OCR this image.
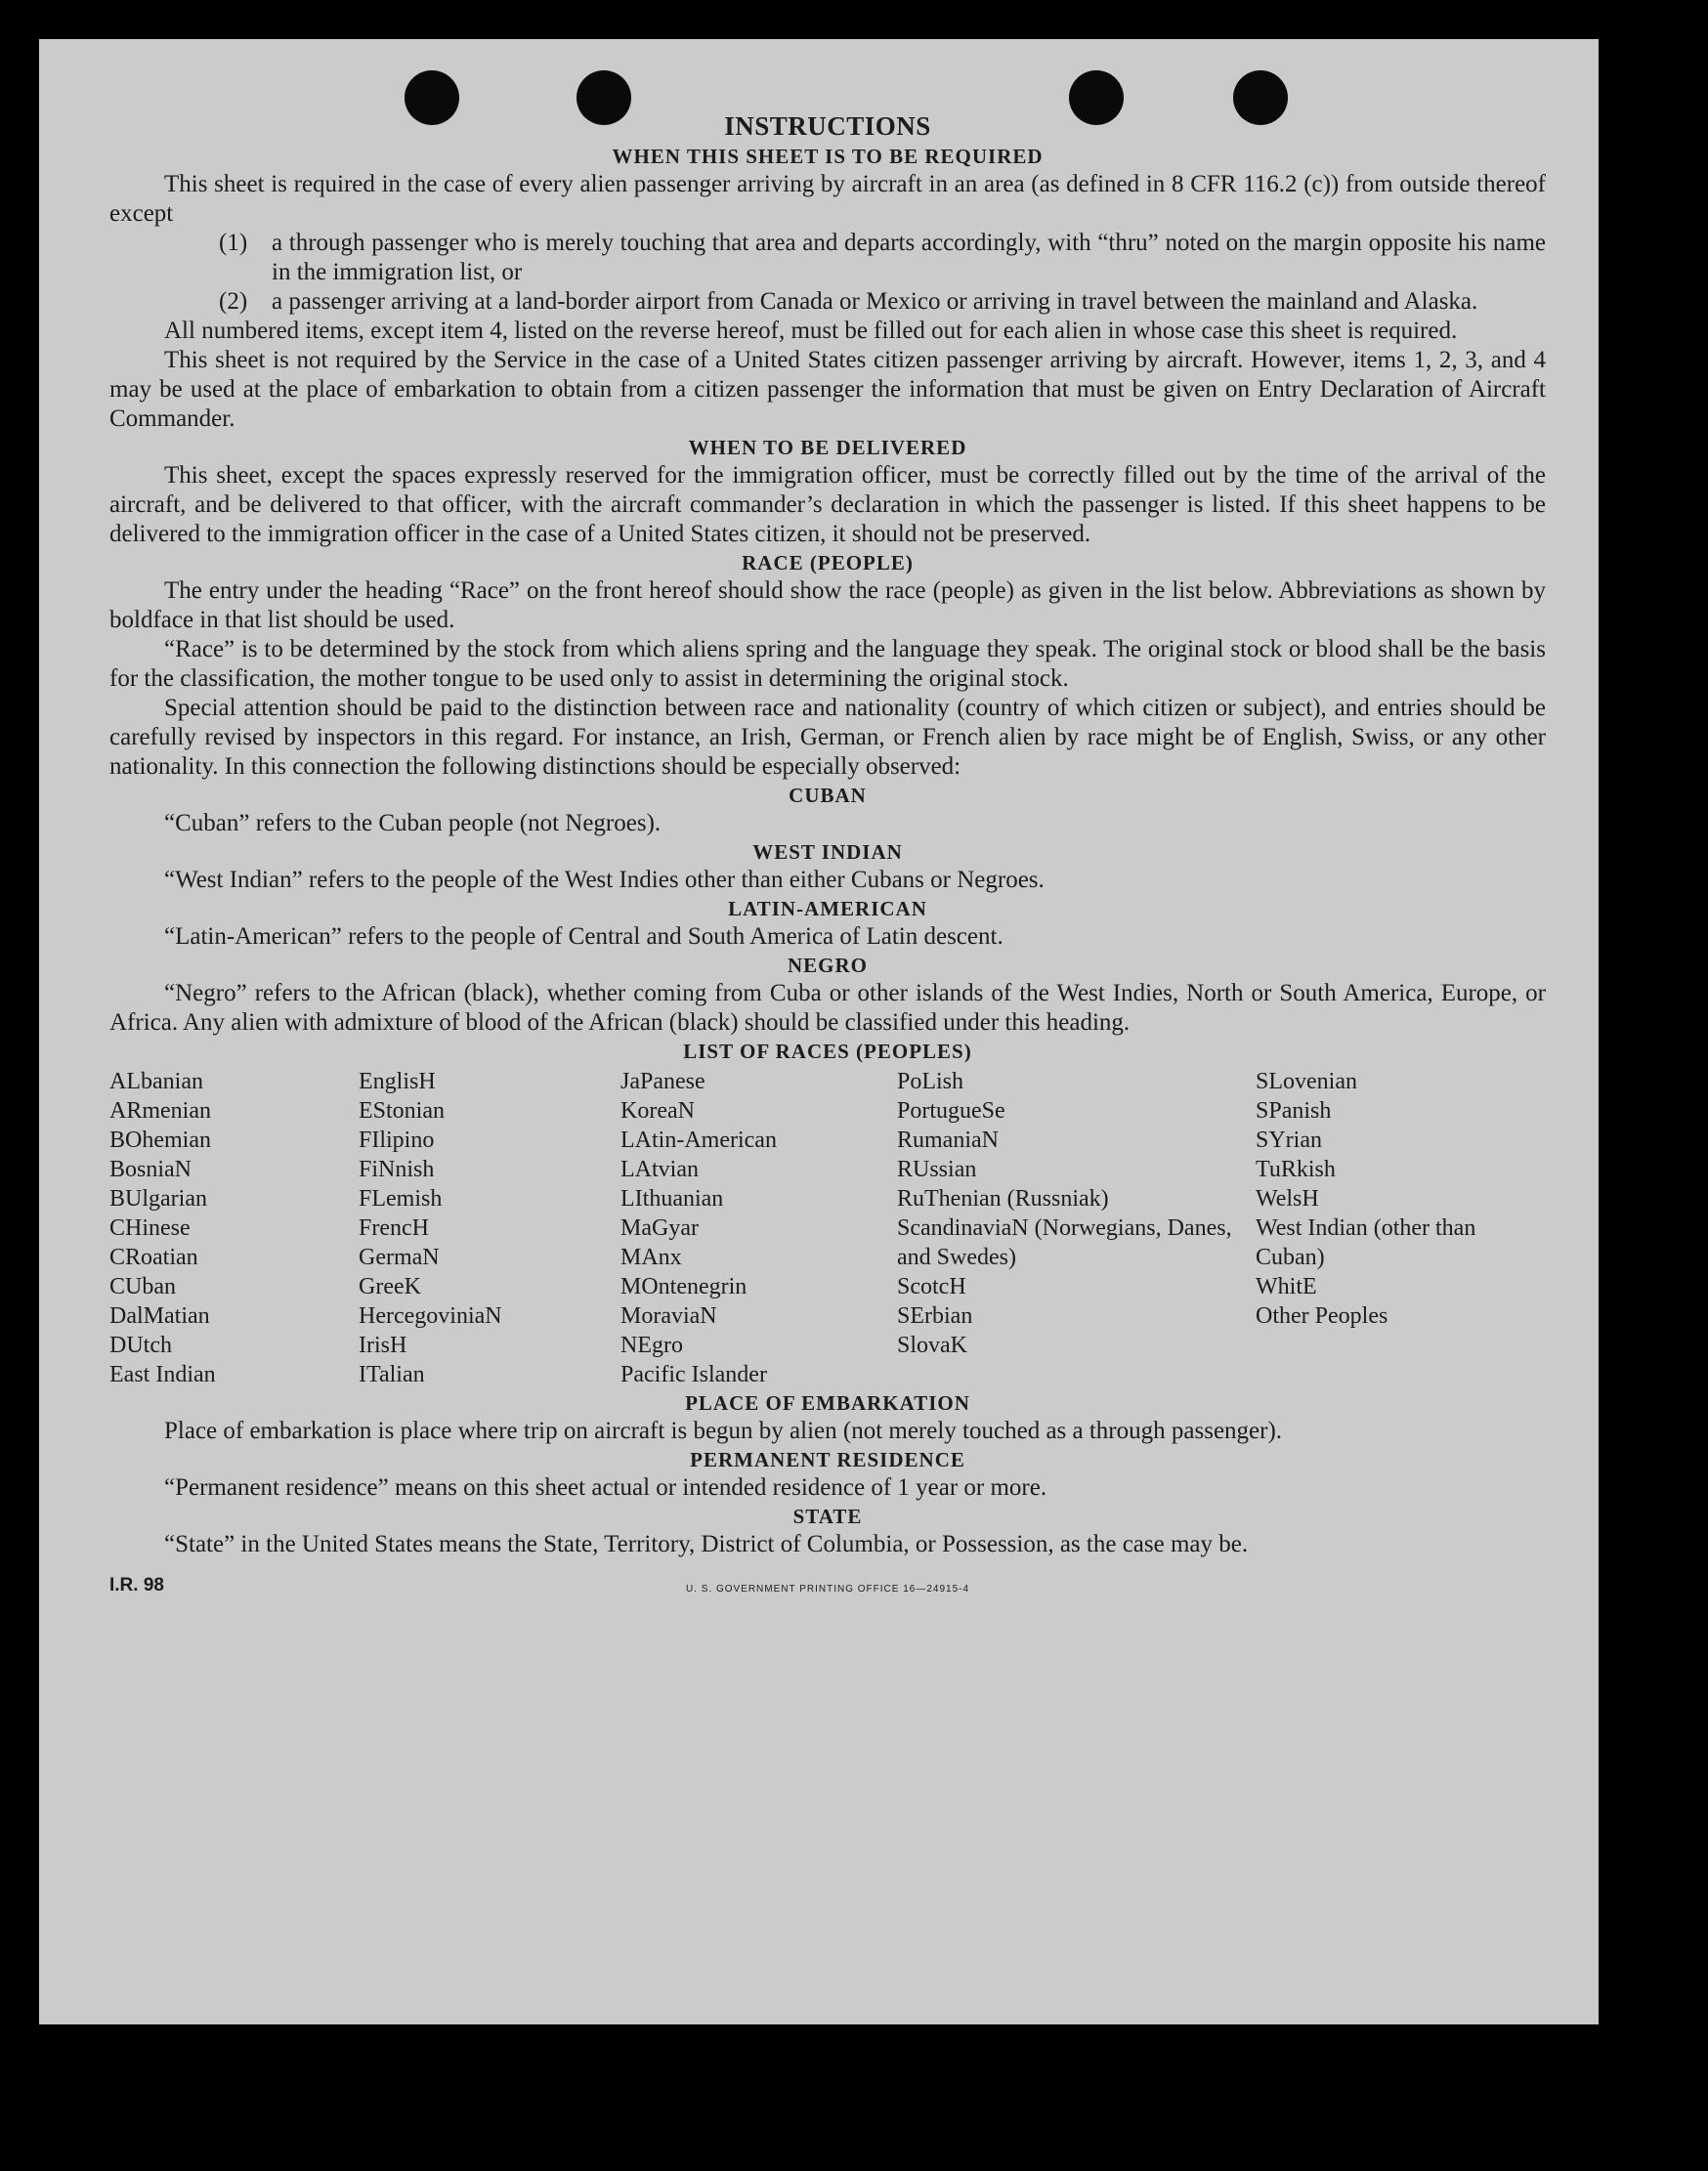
INSTRUCTIONS
WHEN THIS SHEET IS TO BE REQUIRED

This sheet is required in the case of every alien passenger arriving by aircraft in an area (as defined in 8 CFR 116.2 (c)) from outside thereof except

(1) a through passenger who is merely touching that area and departs accordingly, with “thru” noted on the margin opposite his name in the immigration list, or
(2) a passenger arriving at a land-border airport from Canada or Mexico or arriving in travel between the mainland and Alaska.

All numbered items, except item 4, listed on the reverse hereof, must be filled out for each alien in whose case this sheet is required.

This sheet is not required by the Service in the case of a United States citizen passenger arriving by aircraft. However, items 1, 2, 3, and 4 may be used at the place of embarkation to obtain from a citizen passenger the information that must be given on Entry Declaration of Aircraft Commander.

WHEN TO BE DELIVERED

This sheet, except the spaces expressly reserved for the immigration officer, must be correctly filled out by the time of the arrival of the aircraft, and be delivered to that officer, with the aircraft commander’s declaration in which the passenger is listed. If this sheet happens to be delivered to the immigration officer in the case of a United States citizen, it should not be preserved.

RACE (PEOPLE)

The entry under the heading “Race” on the front hereof should show the race (people) as given in the list below. Abbreviations as shown by boldface in that list should be used.

“Race” is to be determined by the stock from which aliens spring and the language they speak. The original stock or blood shall be the basis for the classification, the mother tongue to be used only to assist in determining the original stock.

Special attention should be paid to the distinction between race and nationality (country of which citizen or subject), and entries should be carefully revised by inspectors in this regard. For instance, an Irish, German, or French alien by race might be of English, Swiss, or any other nationality. In this connection the following distinctions should be especially observed:

CUBAN

“Cuban” refers to the Cuban people (not Negroes).

WEST INDIAN

“West Indian” refers to the people of the West Indies other than either Cubans or Negroes.

LATIN-AMERICAN

“Latin-American” refers to the people of Central and South America of Latin descent.

NEGRO

“Negro” refers to the African (black), whether coming from Cuba or other islands of the West Indies, North or South America, Europe, or Africa. Any alien with admixture of blood of the African (black) should be classified under this heading.

LIST OF RACES (PEOPLES)
ALbanian
ARmenian
BOhemian
BosniaN
BUlgarian
CHinese
CRoatian
CUban
DalMatian
DUtch
East Indian
EnglisH
EStonian
FIlipino
FiNnish
FLemish
FrencH
GermaN
GreeK
HercegoviniaN
IrisH
ITalian
JaPanese
KoreaN
LAtin-American
LAtvian
LIthuanian
MaGyar
MAnx
MOntenegrin
MoraviaN
NEgro
Pacific Islander
PoLish
PortugueSe
RumaniaN
RUssian
RuThenian (Russniak)
ScandinaviaN (Norwegians, Danes, and Swedes)
ScotcH
SErbian
SlovaK
SLovenian
SPanish
SYrian
TuRkish
WelsH
West Indian (other than Cuban)
WhitE
Other Peoples
PLACE OF EMBARKATION

Place of embarkation is place where trip on aircraft is begun by alien (not merely touched as a through passenger).

PERMANENT RESIDENCE

“Permanent residence” means on this sheet actual or intended residence of 1 year or more.

STATE

“State” in the United States means the State, Territory, District of Columbia, or Possession, as the case may be.

I.R. 98	U. S. GOVERNMENT PRINTING OFFICE 16—24915-4
